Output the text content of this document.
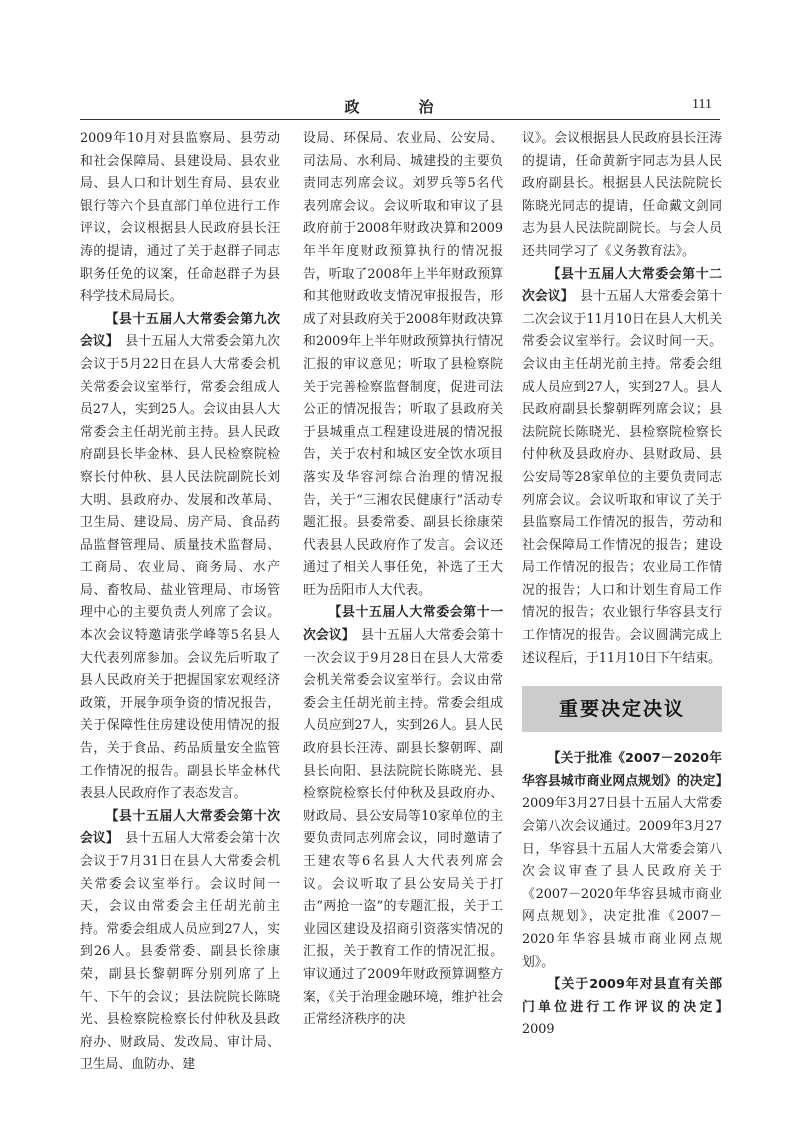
政　治	111

2009年10月对县监察局、县劳动和社会保障局、县建设局、县农业局、县人口和计划生育局、县农业银行等六个县直部门单位进行工作评议，会议根据县人民政府县长汪涛的提请，通过了关于赵群子同志职务任免的议案，任命赵群子为县科学技术局局长。

【县十五届人大常委会第九次会议】　 县十五届人大常委会第九次会议于5月22日在县人大常委会机关常委会议室举行，常委会组成人员27人，实到25人。会议由县人大常委会主任胡光前主持。县人民政府副县长毕金林、县人民检察院检察长付仲秋、县人民法院副院长刘大明、县政府办、发展和改革局、卫生局、建设局、房产局、食品药品监督管理局、质量技术监督局、工商局、农业局、商务局、水产局、畜牧局、盐业管理局、市场管理中心的主要负责人列席了会议。本次会议特邀请张学峰等5名县人大代表列席参加。会议先后听取了县人民政府关于把握国家宏观经济政策，开展争项争资的情况报告，关于保障性住房建设使用情况的报告，关于食品、药品质量安全监管工作情况的报告。副县长毕金林代表县人民政府作了表态发言。

【县十五届人大常委会第十次会议】　 县十五届人大常委会第十次会议于7月31日在县人大常委会机关常委会议室举行。会议时间一天，会议由常委会主任胡光前主持。常委会组成人员应到27人，实到26人。县委常委、副县长徐康荣，副县长黎朝晖分别列席了上午、下午的会议；县法院院长陈晓光、县检察院检察长付仲秋及县政府办、财政局、发改局、审计局、卫生局、血防办、建

设局、环保局、农业局、公安局、司法局、水利局、城建投的主要负责同志列席会议。刘罗兵等5名代表列席会议。会议听取和审议了县政府前于2008年财政决算和2009年半年度财政预算执行的情况报告，听取了2008年上半年财政预算和其他财政收支情况审报报告，形成了对县政府关于2008年财政决算和2009年上半年财政预算执行情况汇报的审议意见；听取了县检察院关于完善检察监督制度，促进司法公正的情况报告；听取了县政府关于县城重点工程建设进展的情况报告，关于农村和城区安全饮水项目落实及华容河综合治理的情况报告，关于“三湘农民健康行”活动专题汇报。县委常委、副县长徐康荣代表县人民政府作了发言。会议还通过了相关人事任免，补选了王大旺为岳阳市人大代表。

【县十五届人大常委会第十一次会议】　 县十五届人大常委会第十一次会议于9月28日在县人大常委会机关常委会议室举行。会议由常委会主任胡光前主持。常委会组成人员应到27人，实到26人。县人民政府县长汪涛、副县长黎朝晖、副县长向阳、县法院院长陈晓光、县检察院检察长付仲秋及县政府办、财政局、县公安局等10家单位的主要负责同志列席会议，同时邀请了王建农等6名县人大代表列席会议。会议听取了县公安局关于打击“两抢一盗”的专题汇报，关于工业园区建设及招商引资落实情况的汇报，关于教育工作的情况汇报。审议通过了2009年财政预算调整方案，《关于治理金融环境，维护社会正常经济秩序的决

议》。会议根据县人民政府县长汪涛的提请，任命黄新宇同志为县人民政府副县长。根据县人民法院院长陈晓光同志的提请，任命戴文剑同志为县人民法院副院长。与会人员还共同学习了《义务教育法》。

【县十五届人大常委会第十二次会议】　 县十五届人大常委会第十二次会议于11月10日在县人大机关常委会议室举行。会议时间一天。会议由主任胡光前主持。常委会组成人员应到27人，实到27人。县人民政府副县长黎朝晖列席会议；县法院院长陈晓光、县检察院检察长付仲秋及县政府办、县财政局、县公安局等28家单位的主要负责同志列席会议。会议听取和审议了关于县监察局工作情况的报告，劳动和社会保障局工作情况的报告；建设局工作情况的报告；农业局工作情况的报告；人口和计划生育局工作情况的报告；农业银行华容县支行工作情况的报告。会议圆满完成上述议程后，于11月10日下午结束。

重要决定决议

【关于批准《2007－2020年华容县城市商业网点规划》的决定】　2009年3月27日县十五届人大常委会第八次会议通过。2009年3月27日，华容县十五届人大常委会第八次会议审查了县人民政府关于《2007－2020年华容县城市商业网点规划》，决定批准《2007－2020年华容县城市商业网点规划》。

【关于2009年对县直有关部门单位进行工作评议的决定】　2009
